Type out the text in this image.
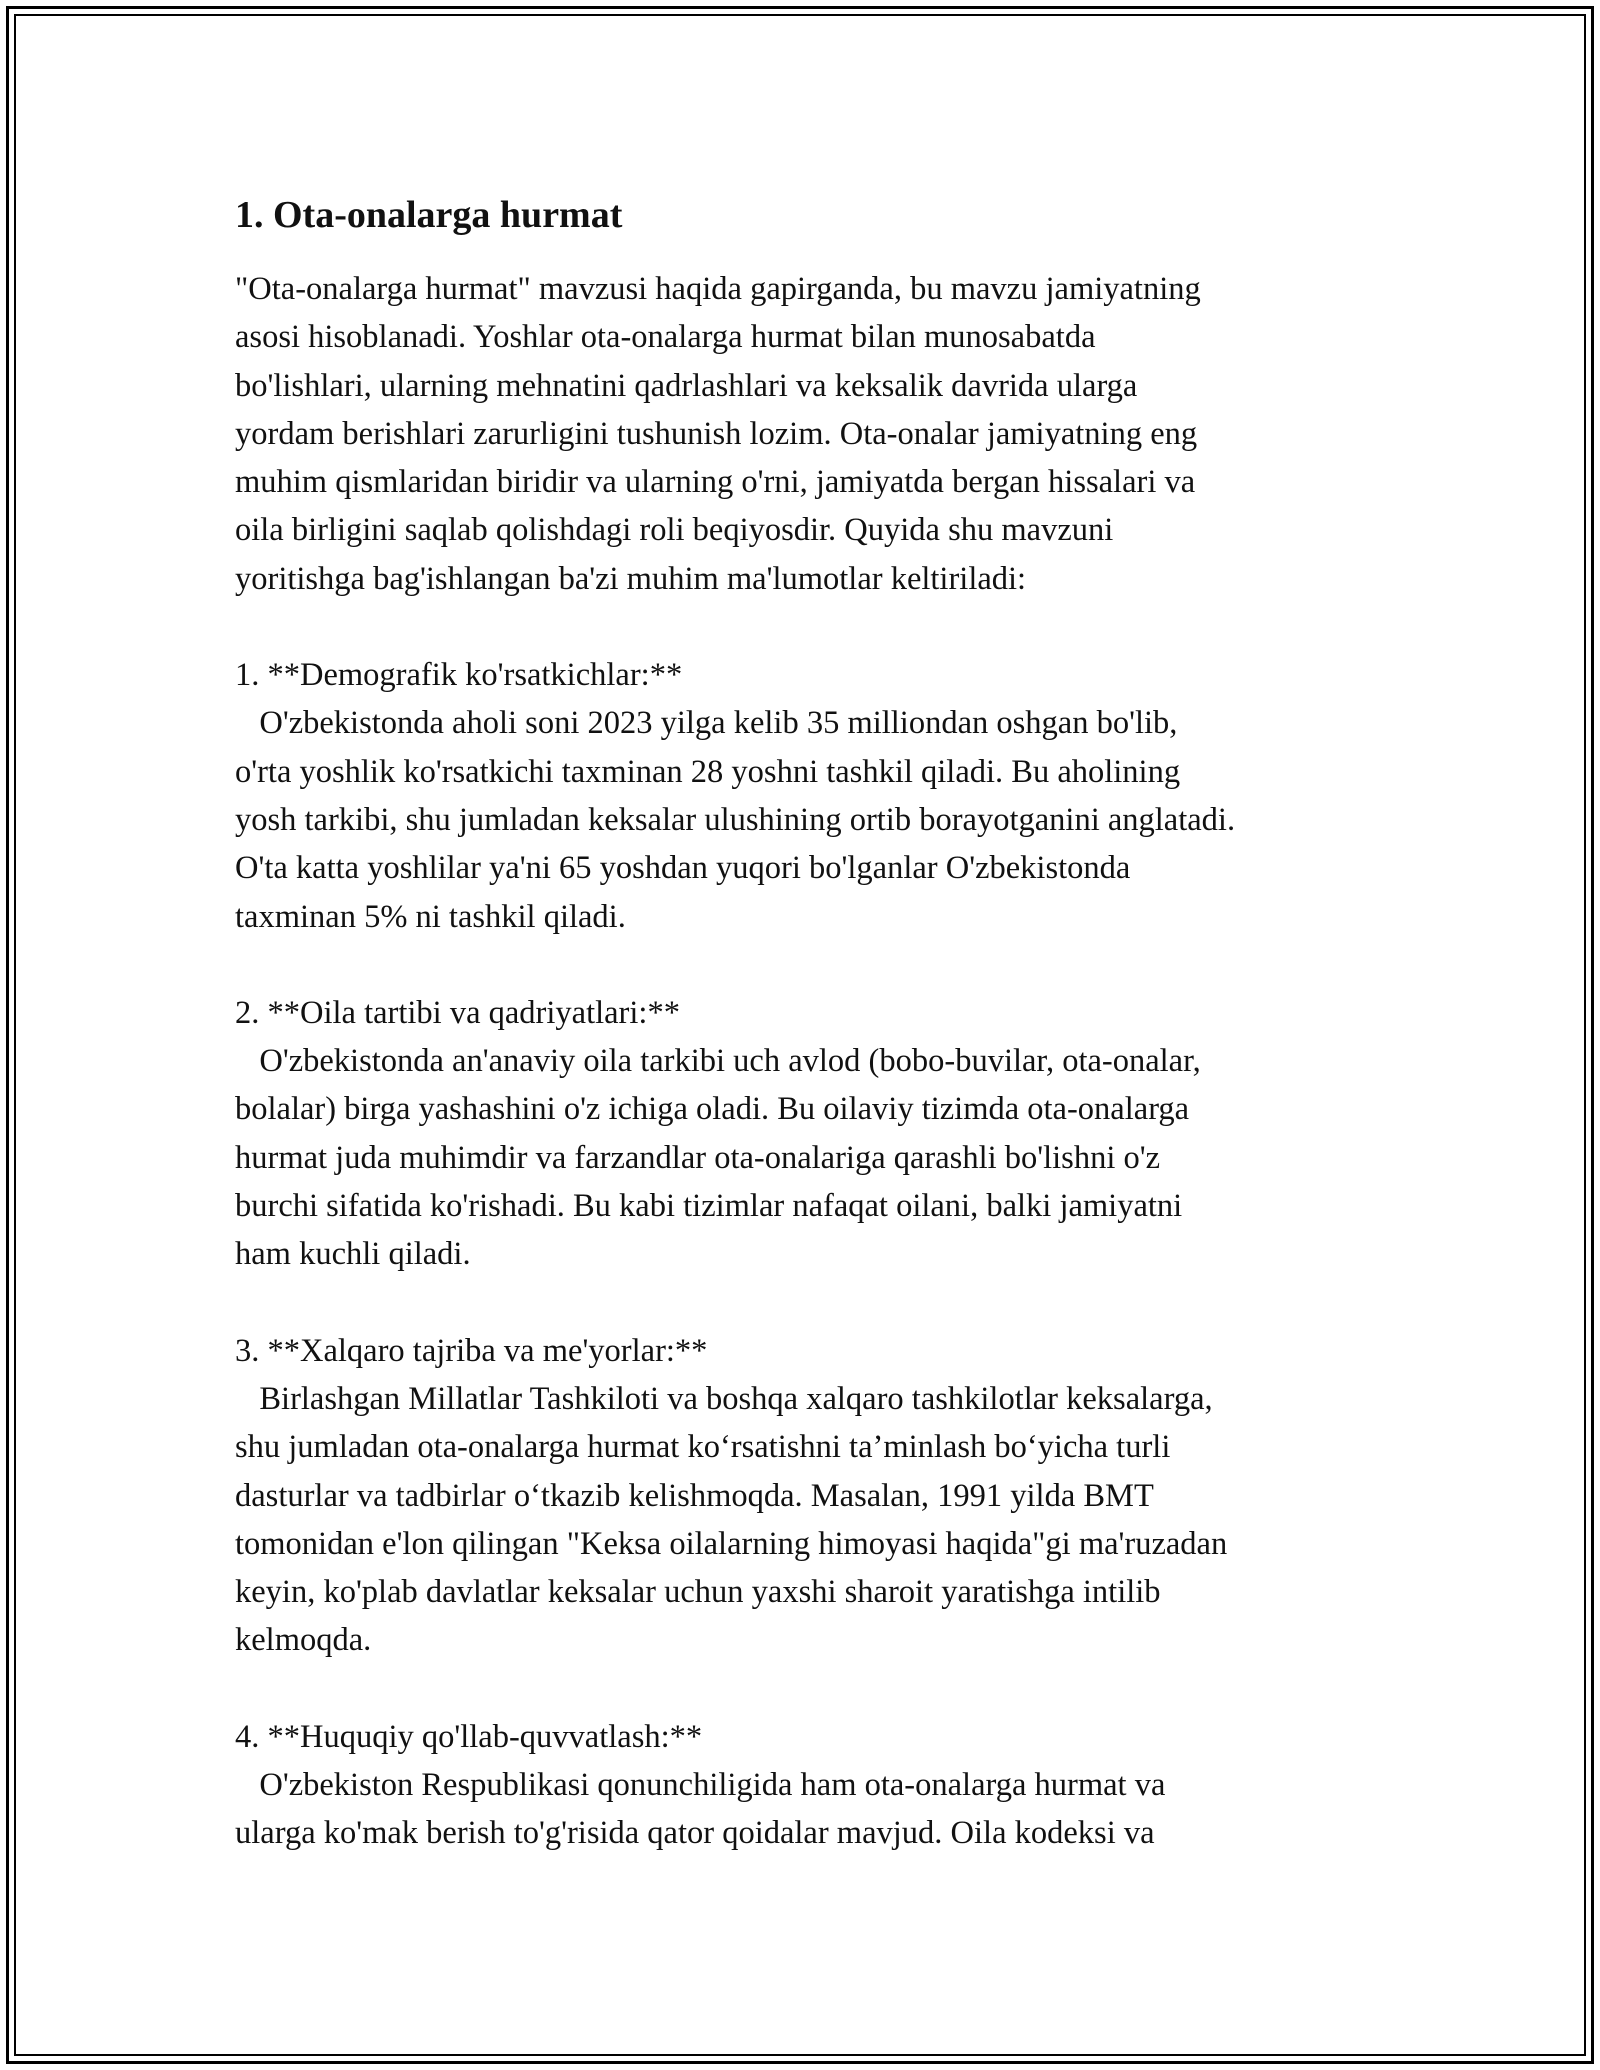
1. Ota-onalarga hurmat

"Ota-onalarga hurmat" mavzusi haqida gapirganda, bu mavzu jamiyatning
asosi hisoblanadi. Yoshlar ota-onalarga hurmat bilan munosabatda
bo'lishlari, ularning mehnatini qadrlashlari va keksalik davrida ularga
yordam berishlari zarurligini tushunish lozim. Ota-onalar jamiyatning eng
muhim qismlaridan biridir va ularning o'rni, jamiyatda bergan hissalari va
oila birligini saqlab qolishdagi roli beqiyosdir. Quyida shu mavzuni
yoritishga bag'ishlangan ba'zi muhim ma'lumotlar keltiriladi:

1. **Demografik ko'rsatkichlar:**

O'zbekistonda aholi soni 2023 yilga kelib 35 milliondan oshgan bo'lib,
o'rta yoshlik ko'rsatkichi taxminan 28 yoshni tashkil qiladi. Bu aholining
yosh tarkibi, shu jumladan keksalar ulushining ortib borayotganini anglatadi.
O'ta katta yoshlilar ya'ni 65 yoshdan yuqori bo'lganlar O'zbekistonda
taxminan 5% ni tashkil qiladi.

2. **Oila tartibi va qadriyatlari:**

O'zbekistonda an'anaviy oila tarkibi uch avlod (bobo-buvilar, ota-onalar,
bolalar) birga yashashini o'z ichiga oladi. Bu oilaviy tizimda ota-onalarga
hurmat juda muhimdir va farzandlar ota-onalariga qarashli bo'lishni o'z
burchi sifatida ko'rishadi. Bu kabi tizimlar nafaqat oilani, balki jamiyatni
ham kuchli qiladi.

3. **Xalqaro tajriba va me'yorlar:**

Birlashgan Millatlar Tashkiloti va boshqa xalqaro tashkilotlar keksalarga,
shu jumladan ota-onalarga hurmat ko‘rsatishni ta’minlash bo‘yicha turli
dasturlar va tadbirlar o‘tkazib kelishmoqda. Masalan, 1991 yilda BMT
tomonidan e'lon qilingan "Keksa oilalarning himoyasi haqida"gi ma'ruzadan
keyin, ko'plab davlatlar keksalar uchun yaxshi sharoit yaratishga intilib
kelmoqda.

4. **Huquqiy qo'llab-quvvatlash:**

O'zbekiston Respublikasi qonunchiligida ham ota-onalarga hurmat va
ularga ko'mak berish to'g'risida qator qoidalar mavjud. Oila kodeksi va
